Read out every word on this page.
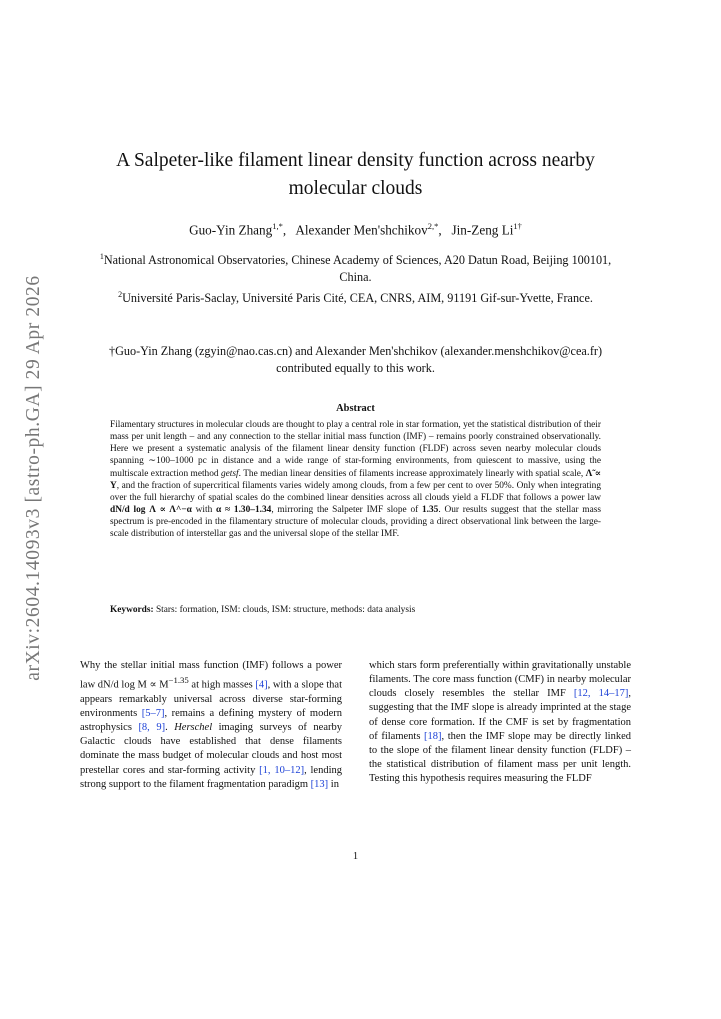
arXiv:2604.14093v3 [astro-ph.GA] 29 Apr 2026
A Salpeter-like filament linear density function across nearby molecular clouds
Guo-Yin Zhang$^{1,*}$,   Alexander Men'shchikov$^{2,*}$,   Jin-Zeng $Li^{1\dagger}$
$^1$National Astronomical Observatories, Chinese Academy of Sciences, A20 Datun Road, Beijing 100101, China.
$^2$Université Paris-Saclay, Université Paris Cité, CEA, CNRS, AIM, 91191 Gif-sur-Yvette, France.
†Guo-Yin Zhang (zgyin@nao.cas.cn) and Alexander Men'shchikov (alexander.menshchikov@cea.fr) contributed equally to this work.
Abstract
Filamentary structures in molecular clouds are thought to play a central role in star formation, yet the statistical distribution of their mass per unit length – and any connection to the stellar initial mass function (IMF) – remains poorly constrained observationally. Here we present a systematic analysis of the filament linear density function (FLDF) across seven nearby molecular clouds spanning ∼100–1000 pc in distance and a wide range of star-forming environments, from quiescent to massive, using the multiscale extraction method getsf. The median linear densities of filaments increase approximately linearly with spatial scale, Λ̃ ∝ Y, and the fraction of supercritical filaments varies widely among clouds, from a few per cent to over 50%. Only when integrating over the full hierarchy of spatial scales do the combined linear densities across all clouds yield a FLDF that follows a power law dN/d log Λ ∝ Λ^−α with α ≈ 1.30–1.34, mirroring the Salpeter IMF slope of 1.35. Our results suggest that the stellar mass spectrum is pre-encoded in the filamentary structure of molecular clouds, providing a direct observational link between the large-scale distribution of interstellar gas and the universal slope of the stellar IMF.
Keywords: Stars: formation, ISM: clouds, ISM: structure, methods: data analysis
Why the stellar initial mass function (IMF) follows a power law dN/d $\log M \propto M^{-1.35}$ at high masses [4], with a slope that appears remarkably universal across diverse star-forming environments [5–7], remains a defining mystery of modern astrophysics [8, 9]. Herschel imaging surveys of nearby Galactic clouds have established that dense filaments dominate the mass budget of molecular clouds and host most prestellar cores and star-forming activity [1, 10–12], lending strong support to the filament fragmentation paradigm [13] in
which stars form preferentially within gravitationally unstable filaments. The core mass function (CMF) in nearby molecular clouds closely resembles the stellar IMF [12, 14–17], suggesting that the IMF slope is already imprinted at the stage of dense core formation. If the CMF is set by fragmentation of filaments [18], then the IMF slope may be directly linked to the slope of the filament linear density function (FLDF) – the statistical distribution of filament mass per unit length. Testing this hypothesis requires measuring the FLDF
1
